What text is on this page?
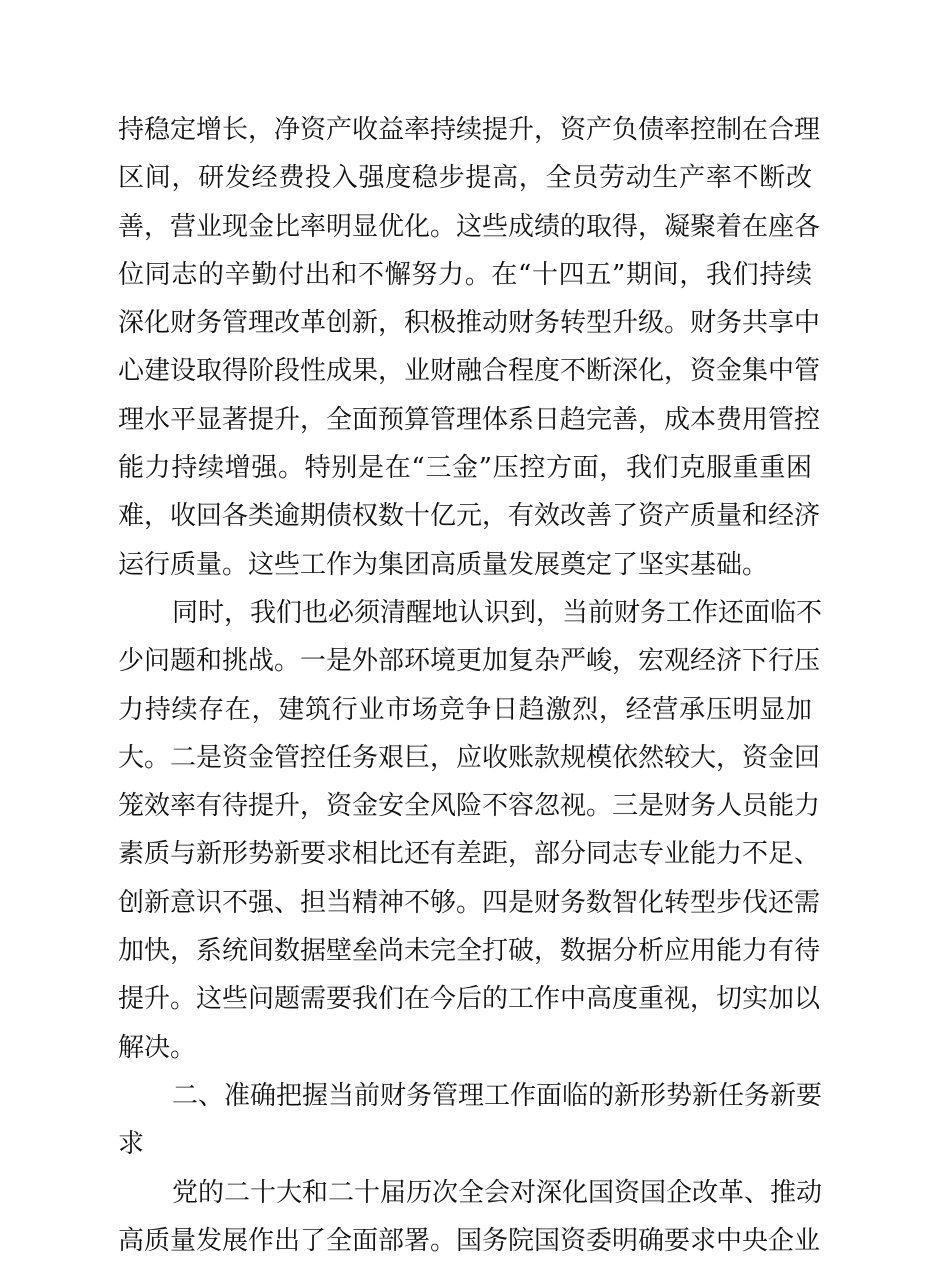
持稳定增长，净资产收益率持续提升，资产负债率控制在合理
区间，研发经费投入强度稳步提高，全员劳动生产率不断改
善，营业现金比率明显优化。这些成绩的取得，凝聚着在座各
位同志的辛勤付出和不懈努力。在“十四五”期间，我们持续
深化财务管理改革创新，积极推动财务转型升级。财务共享中
心建设取得阶段性成果，业财融合程度不断深化，资金集中管
理水平显著提升，全面预算管理体系日趋完善，成本费用管控
能力持续增强。特别是在“三金”压控方面，我们克服重重困
难，收回各类逾期债权数十亿元，有效改善了资产质量和经济
运行质量。这些工作为集团高质量发展奠定了坚实基础。
同时，我们也必须清醒地认识到，当前财务工作还面临不
少问题和挑战。一是外部环境更加复杂严峻，宏观经济下行压
力持续存在，建筑行业市场竞争日趋激烈，经营承压明显加
大。二是资金管控任务艰巨，应收账款规模依然较大，资金回
笼效率有待提升，资金安全风险不容忽视。三是财务人员能力
素质与新形势新要求相比还有差距，部分同志专业能力不足、
创新意识不强、担当精神不够。四是财务数智化转型步伐还需
加快，系统间数据壁垒尚未完全打破，数据分析应用能力有待
提升。这些问题需要我们在今后的工作中高度重视，切实加以
解决。
二、准确把握当前财务管理工作面临的新形势新任务新要
求
党的二十大和二十届历次全会对深化国资国企改革、推动
高质量发展作出了全面部署。国务院国资委明确要求中央企业
